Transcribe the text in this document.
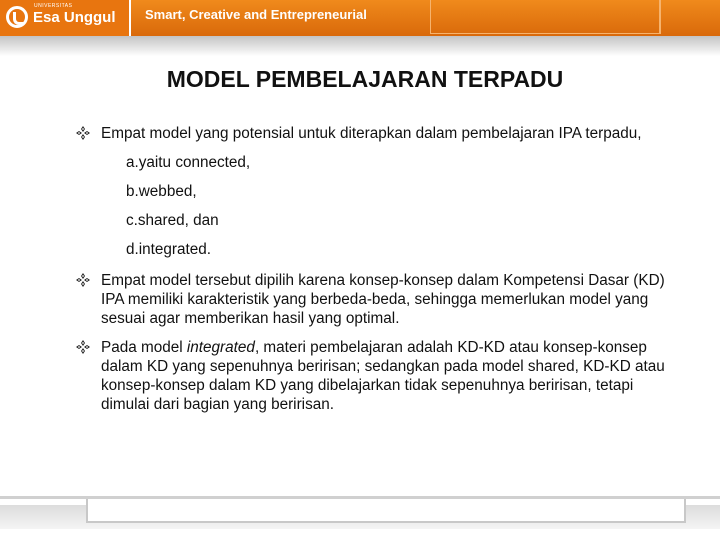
UNIVERSITAS
Esa Unggul Smart, Creative and Entrepreneurial
MODEL PEMBELAJARAN TERPADU
Empat model yang potensial untuk diterapkan dalam pembelajaran IPA terpadu,
a.yaitu connected,
b.webbed,
c.shared, dan
d.integrated.
Empat model tersebut dipilih karena konsep-konsep dalam Kompetensi Dasar (KD) IPA memiliki karakteristik yang berbeda-beda, sehingga memerlukan model yang sesuai agar memberikan hasil yang optimal.
Pada model integrated, materi pembelajaran adalah KD-KD atau konsep-konsep dalam KD yang sepenuhnya beririsan; sedangkan pada model shared, KD-KD atau konsep-konsep dalam KD yang dibelajarkan tidak sepenuhnya beririsan, tetapi dimulai dari bagian yang beririsan.
